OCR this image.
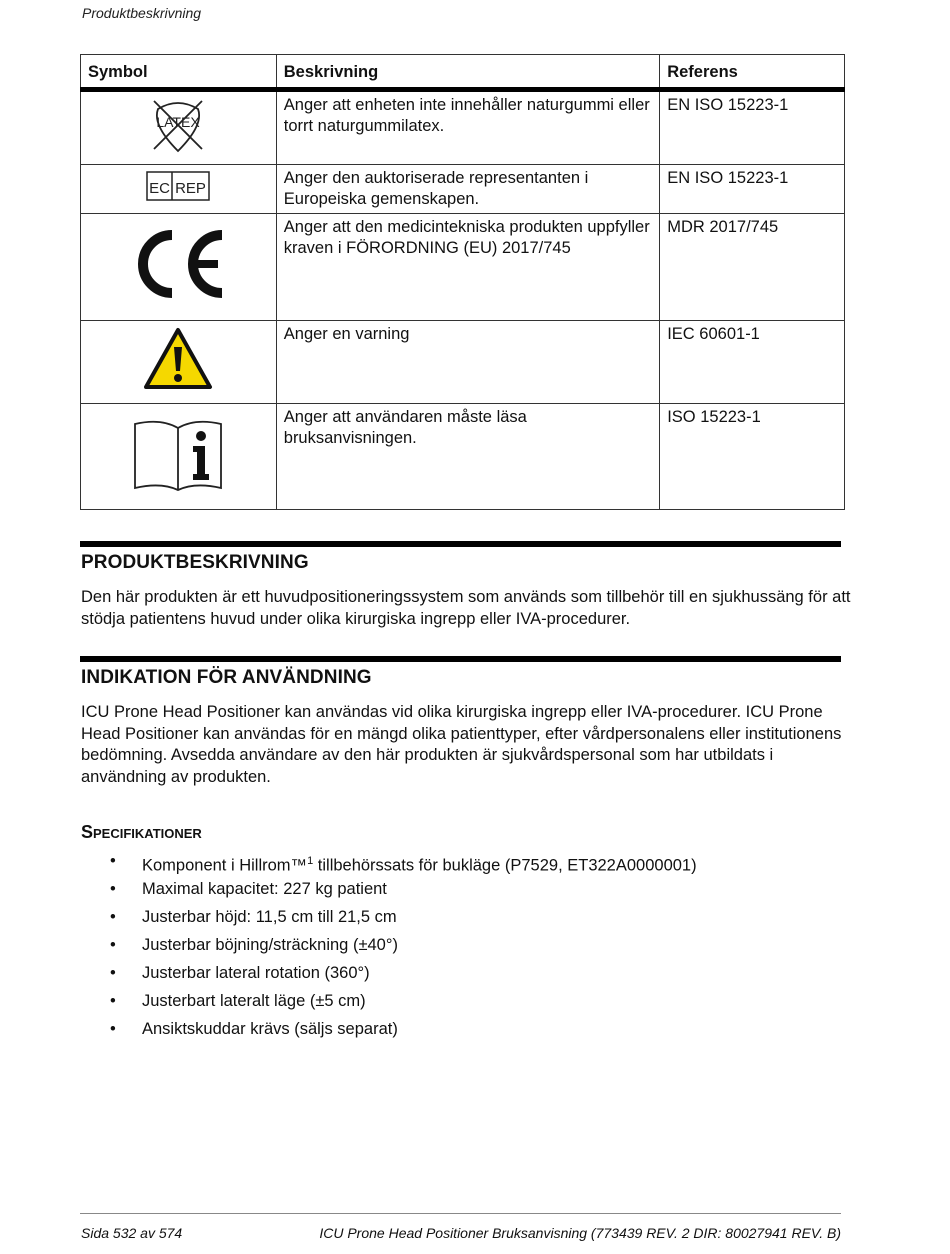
Produktbeskrivning
Symbol	Beskrivning	Referens

LATEX	Anger att enheten inte innehåller naturgummi eller torrt naturgummilatex.	EN ISO 15223-1

EC REP	Anger den auktoriserade representanten i Europeiska gemenskapen.	EN ISO 15223-1
	Anger att den medicintekniska produkten uppfyller kraven i FÖRORDNING (EU) 2017/745	MDR 2017/745
	Anger en varning	IEC 60601-1
	Anger att användaren måste läsa bruksanvisningen.	ISO 15223-1
PRODUKTBESKRIVNING

Den här produkten är ett huvudpositioneringssystem som används som tillbehör till en sjukhussäng för att stödja patientens huvud under olika kirurgiska ingrepp eller IVA-procedurer.

INDIKATION FÖR ANVÄNDNING

ICU Prone Head Positioner kan användas vid olika kirurgiska ingrepp eller IVA-procedurer. ICU Prone Head Positioner kan användas för en mängd olika patienttyper, efter vårdpersonalens eller institutionens bedömning. Avsedda användare av den här produkten är sjukvårdspersonal som har utbildats i användning av produkten.

Specifikationer
• Komponent i Hillrom™$^1$ tillbehörssats för bukläge (P7529, ET322A0000001)
• Maximal kapacitet: 227 kg patient
• Justerbar höjd: 11,5 cm till 21,5 cm
• Justerbar böjning/sträckning (±40°)
• Justerbar lateral rotation (360°)
• Justerbart lateralt läge (±5 cm)
• Ansiktskuddar krävs (säljs separat)
Sida 532 av 574	ICU Prone Head Positioner Bruksanvisning (773439 REV. 2 DIR: 80027941 REV. B)
